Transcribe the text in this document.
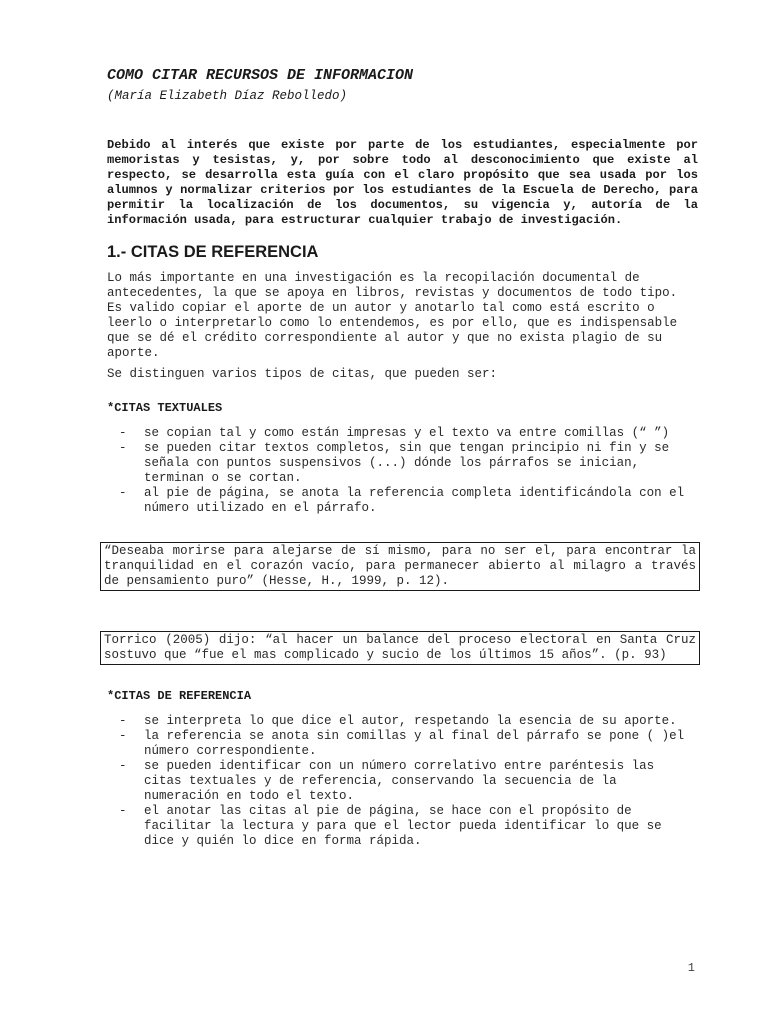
COMO CITAR RECURSOS DE INFORMACION

(María Elizabeth Díaz Rebolledo)

Debido al interés que existe por parte de los estudiantes, especialmente por memoristas y tesistas, y, por sobre todo al desconocimiento que existe al respecto, se desarrolla esta guía con el claro propósito que sea usada por los alumnos y normalizar criterios por los estudiantes de la Escuela de Derecho, para permitir la localización de los documentos, su vigencia y, autoría de la información usada, para estructurar cualquier trabajo de investigación.

1.- CITAS DE REFERENCIA

Lo más importante en una investigación es la recopilación documental de antecedentes, la que se apoya en libros, revistas y documentos de todo tipo. Es valido copiar el aporte de un autor y anotarlo tal como está escrito o leerlo o interpretarlo como lo entendemos, es por ello, que es indispensable que se dé el crédito correspondiente al autor y que no exista plagio de su aporte.

Se distinguen varios tipos de citas, que pueden ser:

*CITAS TEXTUALES
- se copian tal y como están impresas y el texto va entre comillas (“ ”)
- se pueden citar textos completos, sin que tengan principio ni fin y se señala con puntos suspensivos (...) dónde los párrafos se inician, terminan o se cortan.
- al pie de página, se anota la referencia completa identificándola con el número utilizado en el párrafo.
“Deseaba morirse para alejarse de sí mismo, para no ser el, para encontrar la tranquilidad en el corazón vacío, para permanecer abierto al milagro a través de pensamiento puro” (Hesse, H., 1999, p. 12).
Torrico (2005) dijo: “al hacer un balance del proceso electoral en Santa Cruz sostuvo que “fue el mas complicado y sucio de los últimos 15 años”. (p. 93)
*CITAS DE REFERENCIA
- se interpreta lo que dice el autor, respetando la esencia de su aporte.
- la referencia se anota sin comillas y al final del párrafo se pone ( )el número correspondiente.
- se pueden identificar con un número correlativo entre paréntesis las citas textuales y de referencia, conservando la secuencia de la numeración en todo el texto.
- el anotar las citas al pie de página, se hace con el propósito de facilitar la lectura y para que el lector pueda identificar lo que se dice y quién lo dice en forma rápida.
1
